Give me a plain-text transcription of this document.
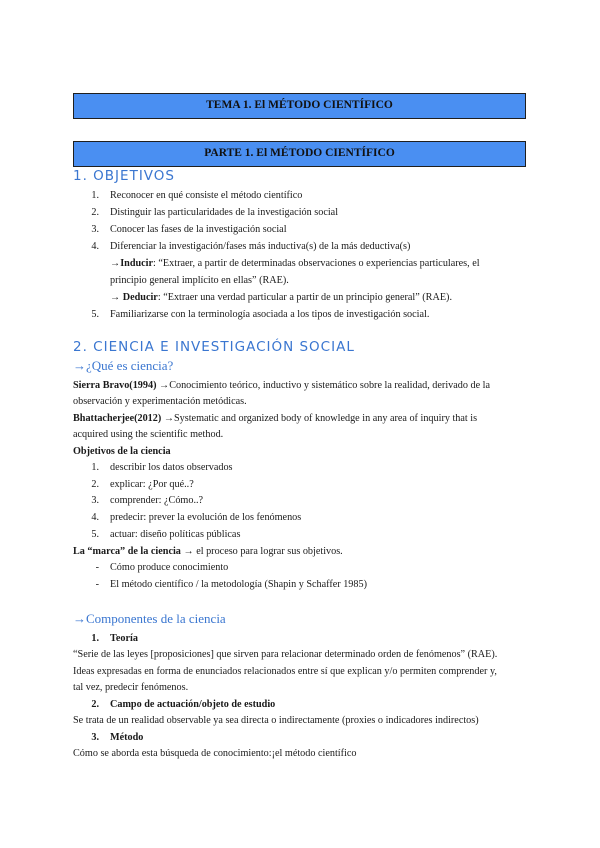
TEMA 1. El MÉTODO CIENTÍFICO
PARTE 1. El MÉTODO CIENTÍFICO
1. OBJETIVOS
1. Reconocer en qué consiste el método científico
2. Distinguir las particularidades de la investigación social
3. Conocer las fases de la investigación social
4. Diferenciar la investigación/fases más inductiva(s) de la más deductiva(s)
→Inducir: “Extraer, a partir de determinadas observaciones o experiencias particulares, el
principio general implícito en ellas” (RAE).
→ Deducir: “Extraer una verdad particular a partir de un principio general” (RAE).
5. Familiarizarse con la terminología asociada a los tipos de investigación social.
2. CIENCIA E INVESTIGACIÓN SOCIAL
→¿Qué es ciencia?
Sierra Bravo(1994) →Conocimiento teórico, inductivo y sistemático sobre la realidad, derivado de la
observación y experimentación metódicas.
Bhattacherjee(2012) →Systematic and organized body of knowledge in any area of inquiry that is
acquired using the scientific method.
Objetivos de la ciencia
1. describir los datos observados
2. explicar: ¿Por qué..?
3. comprender: ¿Cómo..?
4. predecir: prever la evolución de los fenómenos
5. actuar: diseño políticas públicas
La “marca” de la ciencia → el proceso para lograr sus objetivos.
- Cómo produce conocimiento
- El método científico / la metodología (Shapin y Schaffer 1985)
→Componentes de la ciencia
1. Teoría
“Serie de las leyes [proposiciones] que sirven para relacionar determinado orden de fenómenos” (RAE).
Ideas expresadas en forma de enunciados relacionados entre sí que explican y/o permiten comprender y,
tal vez, predecir fenómenos.
2. Campo de actuación/objeto de estudio
Se trata de un realidad observable ya sea directa o indirectamente (proxies o indicadores indirectos)
3. Método
Cómo se aborda esta búsqueda de conocimiento:¡el método científico
